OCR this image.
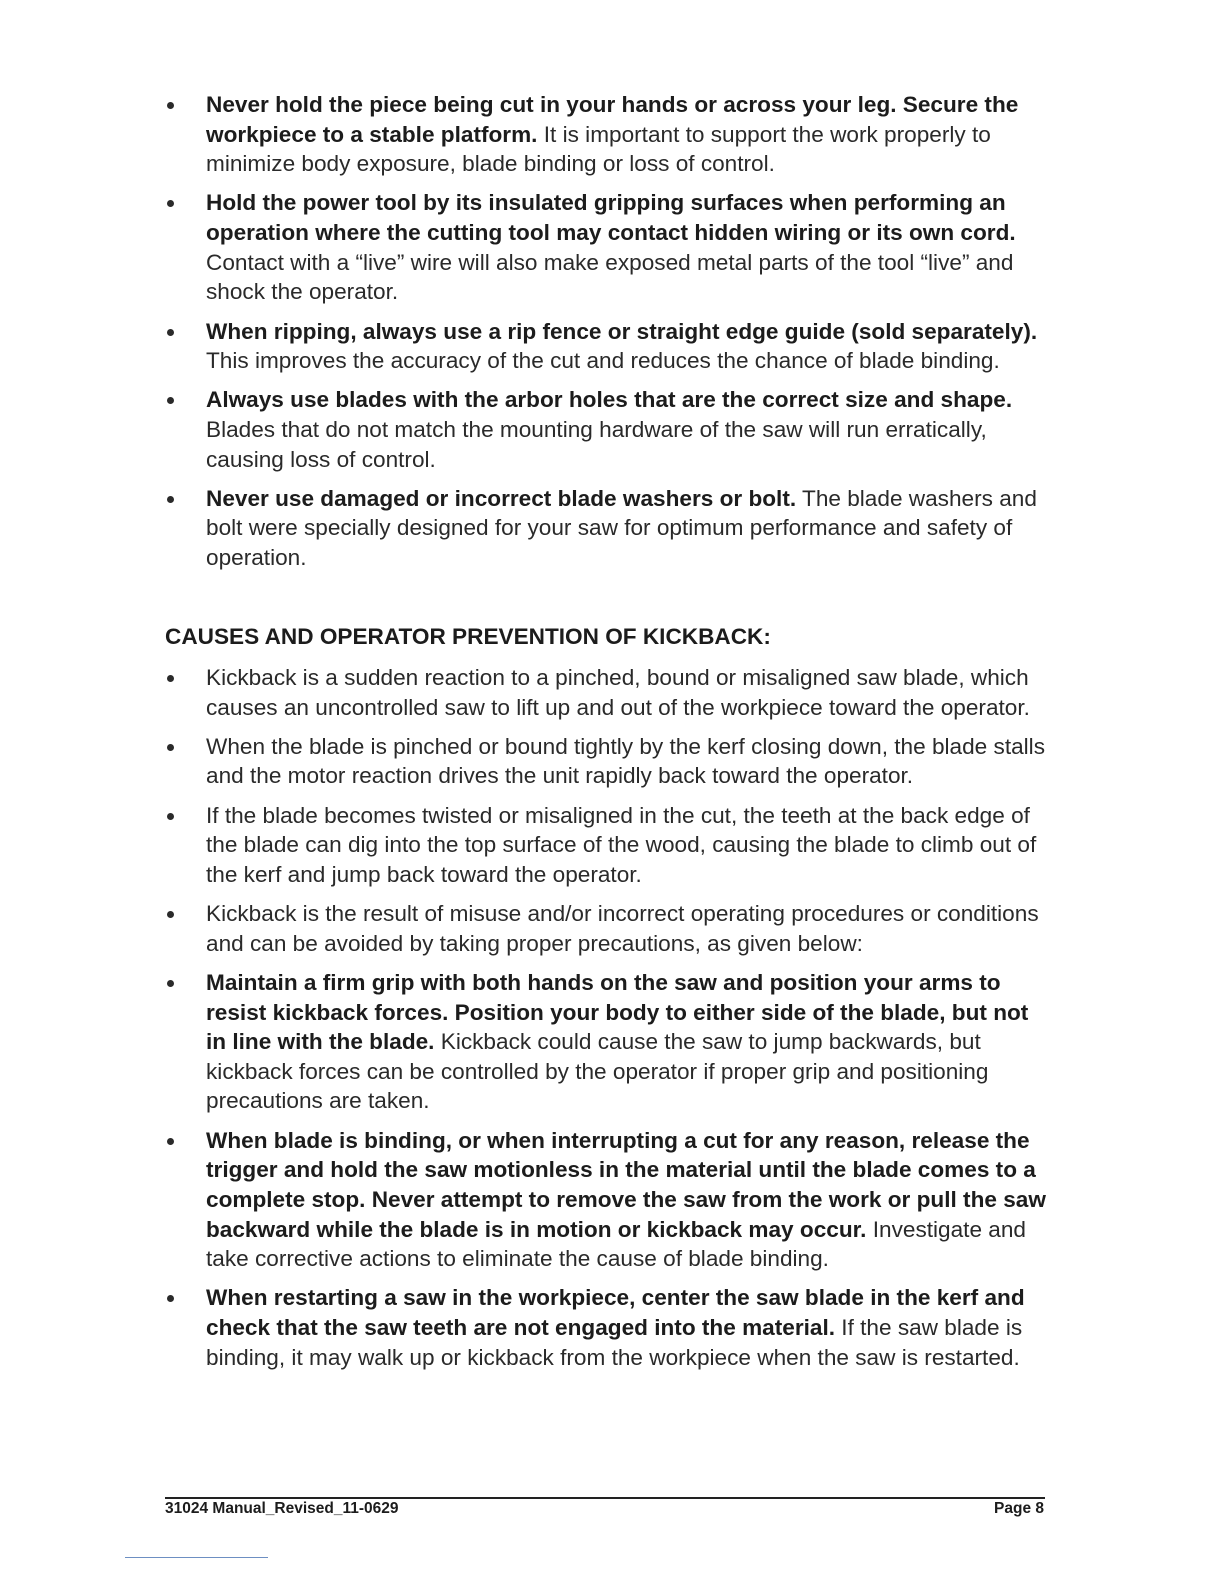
Never hold the piece being cut in your hands or across your leg. Secure the workpiece to a stable platform. It is important to support the work properly to minimize body exposure, blade binding or loss of control.
Hold the power tool by its insulated gripping surfaces when performing an operation where the cutting tool may contact hidden wiring or its own cord. Contact with a “live” wire will also make exposed metal parts of the tool “live” and shock the operator.
When ripping, always use a rip fence or straight edge guide (sold separately). This improves the accuracy of the cut and reduces the chance of blade binding.
Always use blades with the arbor holes that are the correct size and shape. Blades that do not match the mounting hardware of the saw will run erratically, causing loss of control.
Never use damaged or incorrect blade washers or bolt. The blade washers and bolt were specially designed for your saw for optimum performance and safety of operation.
CAUSES AND OPERATOR PREVENTION OF KICKBACK:
Kickback is a sudden reaction to a pinched, bound or misaligned saw blade, which causes an uncontrolled saw to lift up and out of the workpiece toward the operator.
When the blade is pinched or bound tightly by the kerf closing down, the blade stalls and the motor reaction drives the unit rapidly back toward the operator.
If the blade becomes twisted or misaligned in the cut, the teeth at the back edge of the blade can dig into the top surface of the wood, causing the blade to climb out of the kerf and jump back toward the operator.
Kickback is the result of misuse and/or incorrect operating procedures or conditions and can be avoided by taking proper precautions, as given below:
Maintain a firm grip with both hands on the saw and position your arms to resist kickback forces. Position your body to either side of the blade, but not in line with the blade. Kickback could cause the saw to jump backwards, but kickback forces can be controlled by the operator if proper grip and positioning precautions are taken.
When blade is binding, or when interrupting a cut for any reason, release the trigger and hold the saw motionless in the material until the blade comes to a complete stop. Never attempt to remove the saw from the work or pull the saw backward while the blade is in motion or kickback may occur. Investigate and take corrective actions to eliminate the cause of blade binding.
When restarting a saw in the workpiece, center the saw blade in the kerf and check that the saw teeth are not engaged into the material. If the saw blade is binding, it may walk up or kickback from the workpiece when the saw is restarted.
31024 Manual_Revised_11-0629	Page 8
